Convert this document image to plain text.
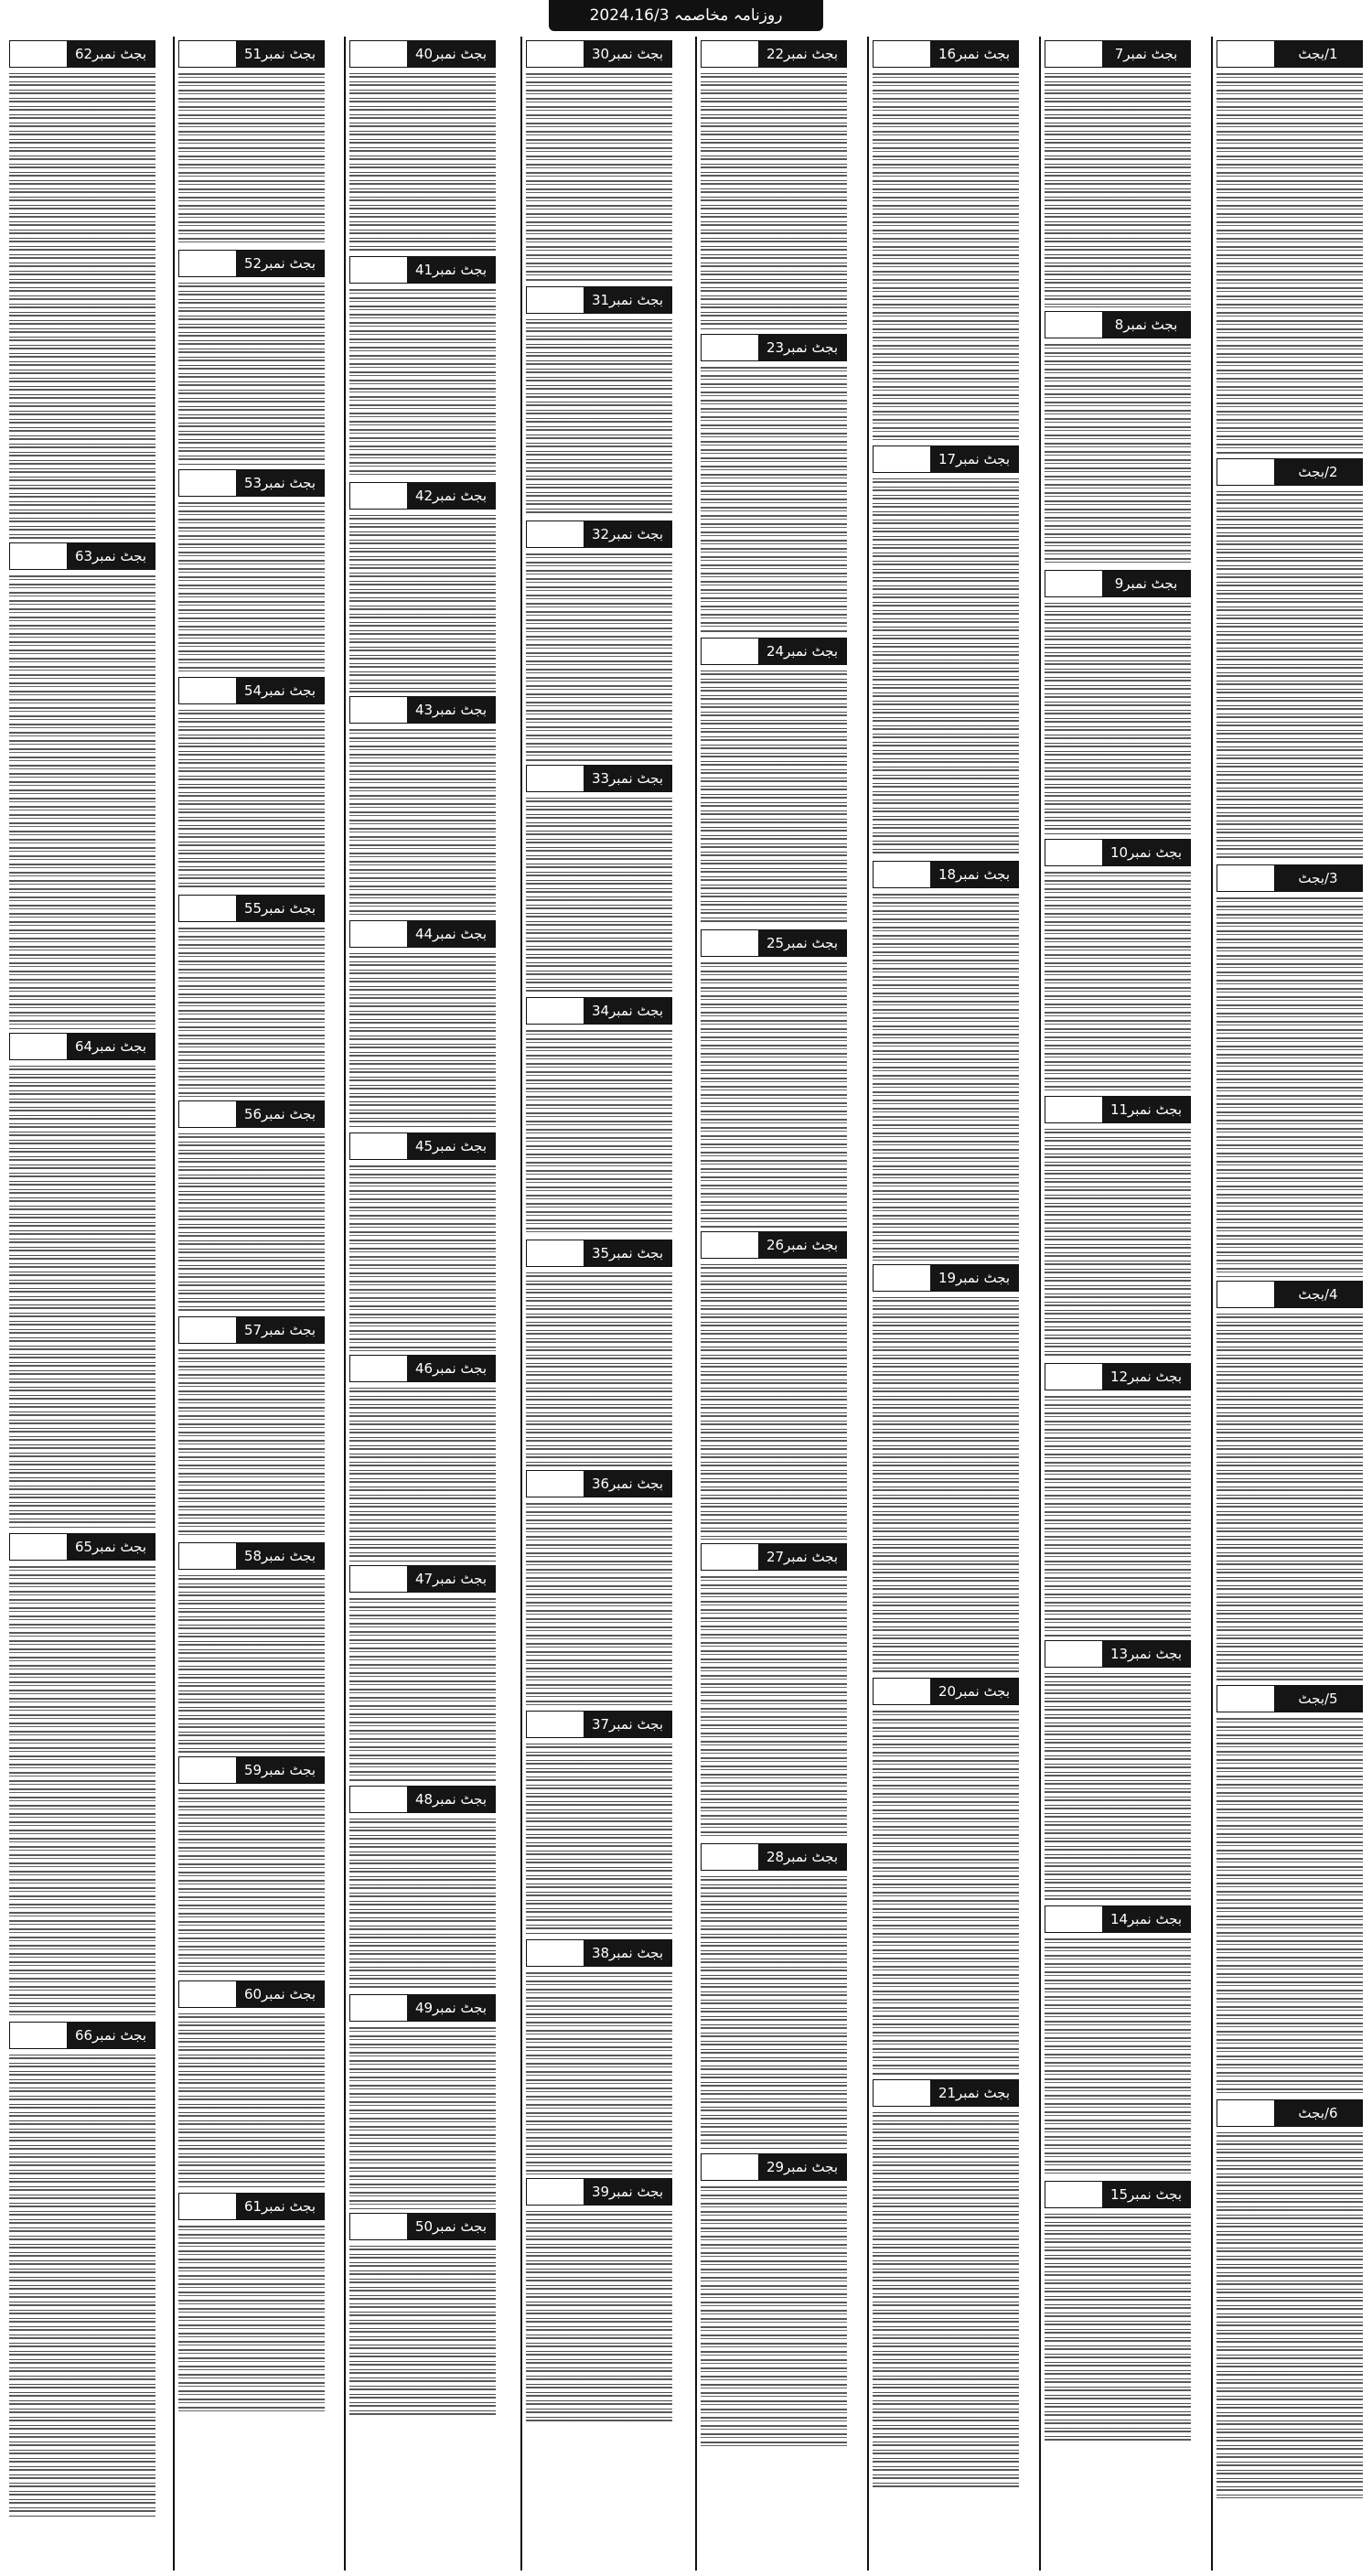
روزنامہ مخاصمہ 2024،16/3
1/بجٹ
2/بجٹ
3/بجٹ
4/بجٹ
5/بجٹ
6/بجٹ
بجٹ نمبر7
بجٹ نمبر8
بجٹ نمبر9
بجٹ نمبر10
بجٹ نمبر11
بجٹ نمبر12
بجٹ نمبر13
بجٹ نمبر14
بجٹ نمبر15
بجٹ نمبر16
بجٹ نمبر17
بجٹ نمبر18
بجٹ نمبر19
بجٹ نمبر20
بجٹ نمبر21
بجٹ نمبر22
بجٹ نمبر23
بجٹ نمبر24
بجٹ نمبر25
بجٹ نمبر26
بجٹ نمبر27
بجٹ نمبر28
بجٹ نمبر29
بجٹ نمبر30
بجٹ نمبر31
بجٹ نمبر32
بجٹ نمبر33
بجٹ نمبر34
بجٹ نمبر35
بجٹ نمبر36
بجٹ نمبر37
بجٹ نمبر38
بجٹ نمبر39
بجٹ نمبر40
بجٹ نمبر41
بجٹ نمبر42
بجٹ نمبر43
بجٹ نمبر44
بجٹ نمبر45
بجٹ نمبر46
بجٹ نمبر47
بجٹ نمبر48
بجٹ نمبر49
بجٹ نمبر50
بجٹ نمبر51
بجٹ نمبر52
بجٹ نمبر53
بجٹ نمبر54
بجٹ نمبر55
بجٹ نمبر56
بجٹ نمبر57
بجٹ نمبر58
بجٹ نمبر59
بجٹ نمبر60
بجٹ نمبر61
بجٹ نمبر62
بجٹ نمبر63
بجٹ نمبر64
بجٹ نمبر65
بجٹ نمبر66
